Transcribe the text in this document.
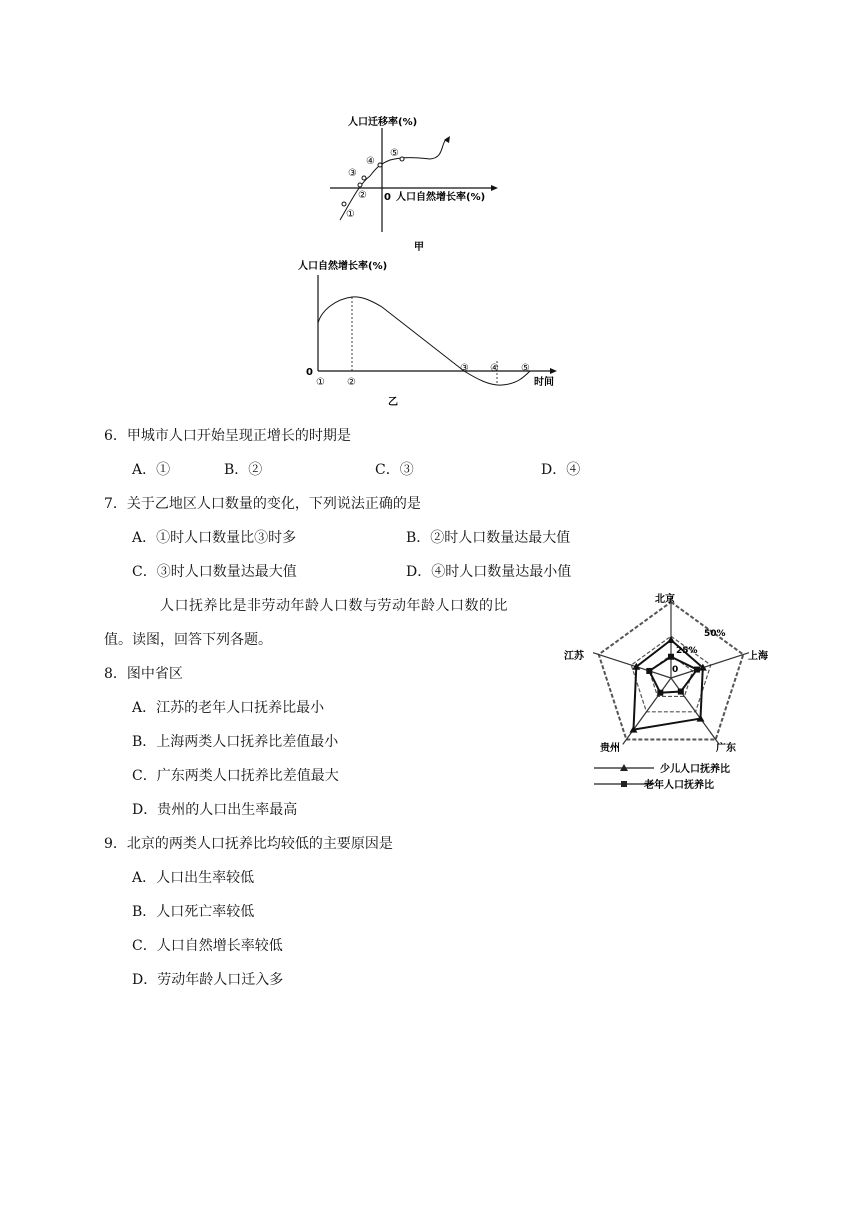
人口迁移率(%)
0 人口自然增长率(%)
①
②
③
④
⑤
甲
人口自然增长率(%)
0
① ②
③ ④ ⑤
时间
乙
6．甲城市人口开始呈现正增长的时期是
A．①	B．②	C．③	D．④
7．关于乙地区人口数量的变化，下列说法正确的是
A．①时人口数量比③时多	B．②时人口数量达最大值
C．③时人口数量达最大值	D．④时人口数量达最小值
人口抚养比是非劳动年龄人口数与劳动年龄人口数的比
值。读图，回答下列各题。
8．图中省区
A．江苏的老年人口抚养比最小
B．上海两类人口抚养比差值最小
C．广东两类人口抚养比差值最大
D．贵州的人口出生率最高
9．北京的两类人口抚养比均较低的主要原因是
A．人口出生率较低
B．人口死亡率较低
C．人口自然增长率较低
D．劳动年龄人口迁入多
北京
上海
广东
贵州
江苏
50%
25%
0
少儿人口抚养比
老年人口抚养比
